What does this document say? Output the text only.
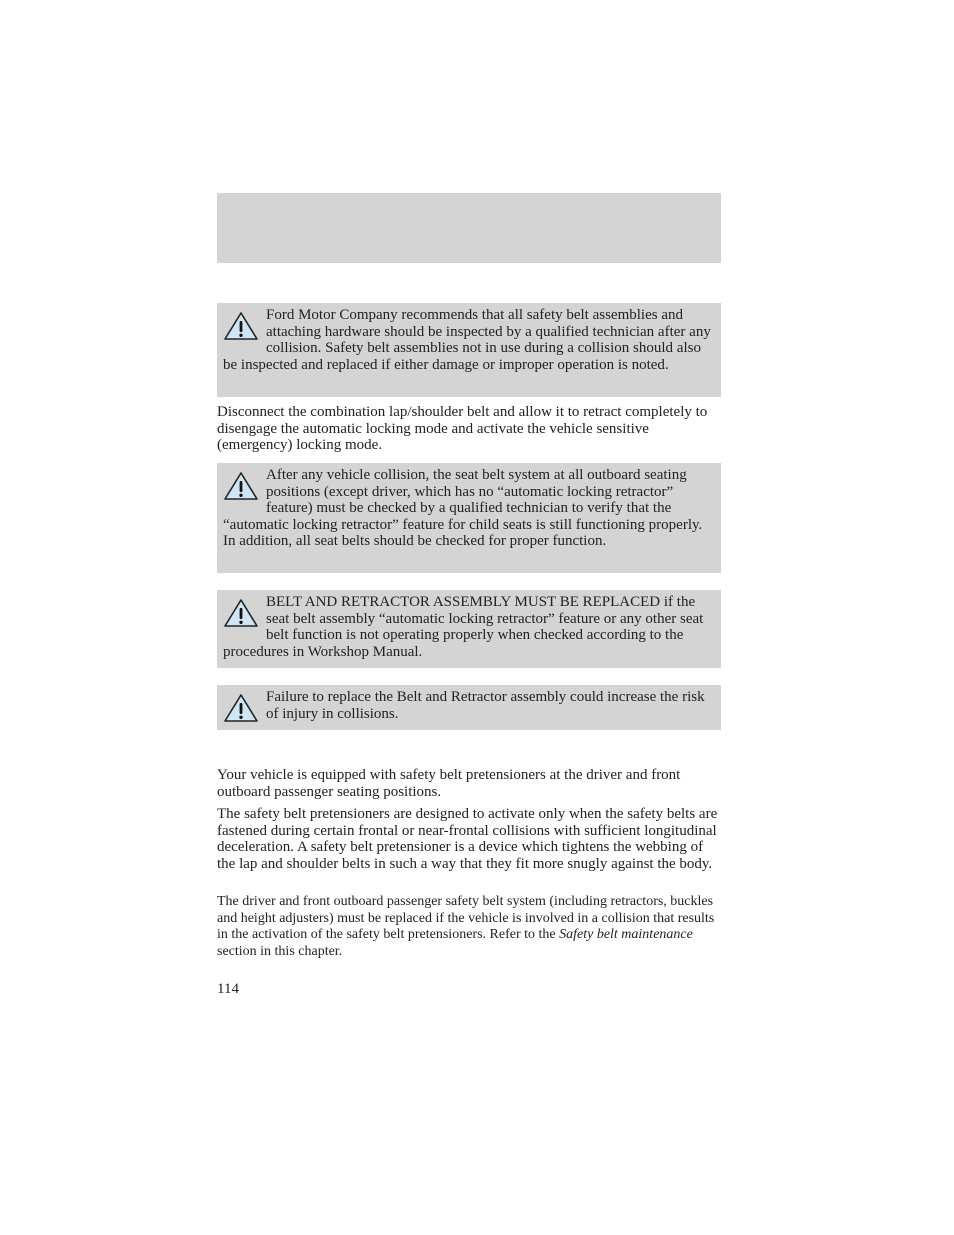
Ford Motor Company recommends that all safety belt assemblies and attaching hardware should be inspected by a qualified technician after any collision. Safety belt assemblies not in use during a collision should also be inspected and replaced if either damage or improper operation is noted.

Disconnect the combination lap/shoulder belt and allow it to retract completely to disengage the automatic locking mode and activate the vehicle sensitive (emergency) locking mode.

After any vehicle collision, the seat belt system at all outboard seating positions (except driver, which has no “automatic locking retractor” feature) must be checked by a qualified technician to verify that the “automatic locking retractor” feature for child seats is still functioning properly. In addition, all seat belts should be checked for proper function.

BELT AND RETRACTOR ASSEMBLY MUST BE REPLACED if the seat belt assembly “automatic locking retractor” feature or any other seat belt function is not operating properly when checked according to the procedures in Workshop Manual.

Failure to replace the Belt and Retractor assembly could increase the risk of injury in collisions.

Your vehicle is equipped with safety belt pretensioners at the driver and front outboard passenger seating positions.

The safety belt pretensioners are designed to activate only when the safety belts are fastened during certain frontal or near-frontal collisions with sufficient longitudinal deceleration. A safety belt pretensioner is a device which tightens the webbing of the lap and shoulder belts in such a way that they fit more snugly against the body.

The driver and front outboard passenger safety belt system (including retractors, buckles and height adjusters) must be replaced if the vehicle is involved in a collision that results in the activation of the safety belt pretensioners. Refer to the Safety belt maintenance section in this chapter.

114
